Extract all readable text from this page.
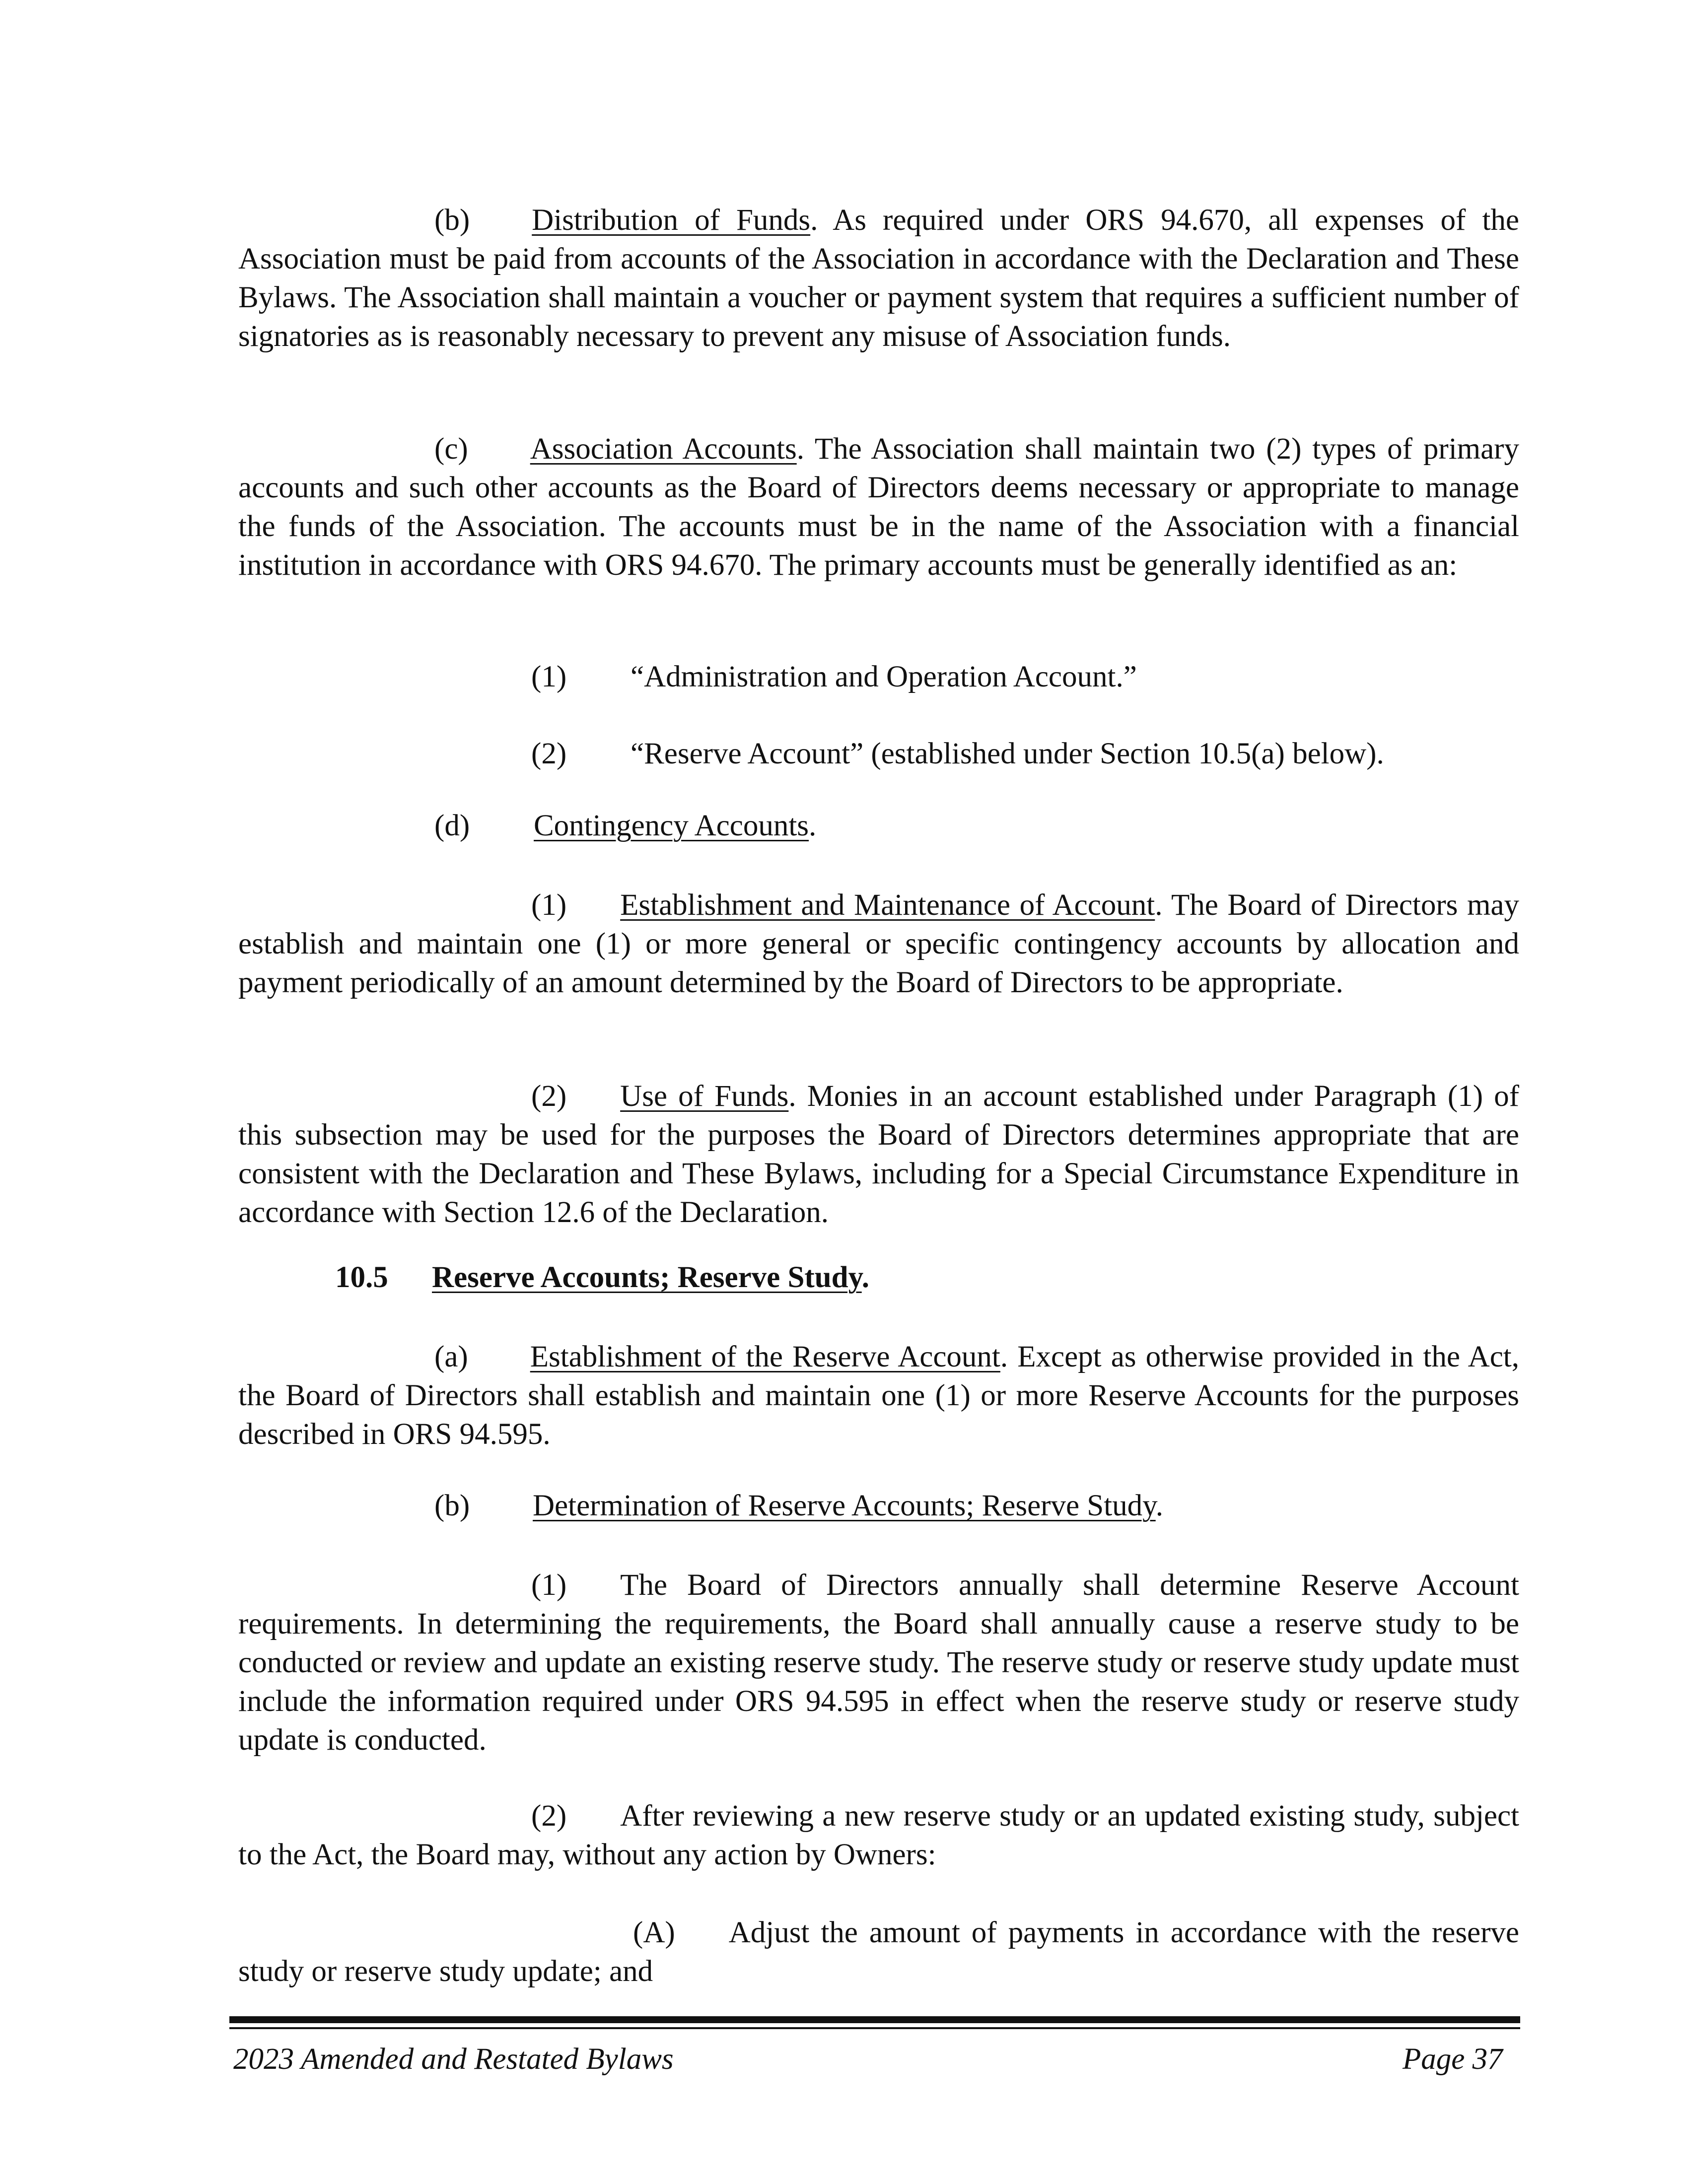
(b) Distribution of Funds. As required under ORS 94.670, all expenses of the Association must be paid from accounts of the Association in accordance with the Declaration and These Bylaws. The Association shall maintain a voucher or payment system that requires a sufficient number of signatories as is reasonably necessary to prevent any misuse of Association funds.
(c) Association Accounts. The Association shall maintain two (2) types of primary accounts and such other accounts as the Board of Directors deems necessary or appropriate to manage the funds of the Association. The accounts must be in the name of the Association with a financial institution in accordance with ORS 94.670. The primary accounts must be generally identified as an:
(1) “Administration and Operation Account.”
(2) “Reserve Account” (established under Section 10.5(a) below).
(d) Contingency Accounts.
(1) Establishment and Maintenance of Account. The Board of Directors may establish and maintain one (1) or more general or specific contingency accounts by allocation and payment periodically of an amount determined by the Board of Directors to be appropriate.
(2) Use of Funds. Monies in an account established under Paragraph (1) of this subsection may be used for the purposes the Board of Directors determines appropriate that are consistent with the Declaration and These Bylaws, including for a Special Circumstance Expenditure in accordance with Section 12.6 of the Declaration.
10.5 Reserve Accounts; Reserve Study.
(a) Establishment of the Reserve Account. Except as otherwise provided in the Act, the Board of Directors shall establish and maintain one (1) or more Reserve Accounts for the purposes described in ORS 94.595.
(b) Determination of Reserve Accounts; Reserve Study.
(1) The Board of Directors annually shall determine Reserve Account requirements. In determining the requirements, the Board shall annually cause a reserve study to be conducted or review and update an existing reserve study. The reserve study or reserve study update must include the information required under ORS 94.595 in effect when the reserve study or reserve study update is conducted.
(2) After reviewing a new reserve study or an updated existing study, subject to the Act, the Board may, without any action by Owners:
(A) Adjust the amount of payments in accordance with the reserve study or reserve study update; and
2023 Amended and Restated Bylaws	Page 37
